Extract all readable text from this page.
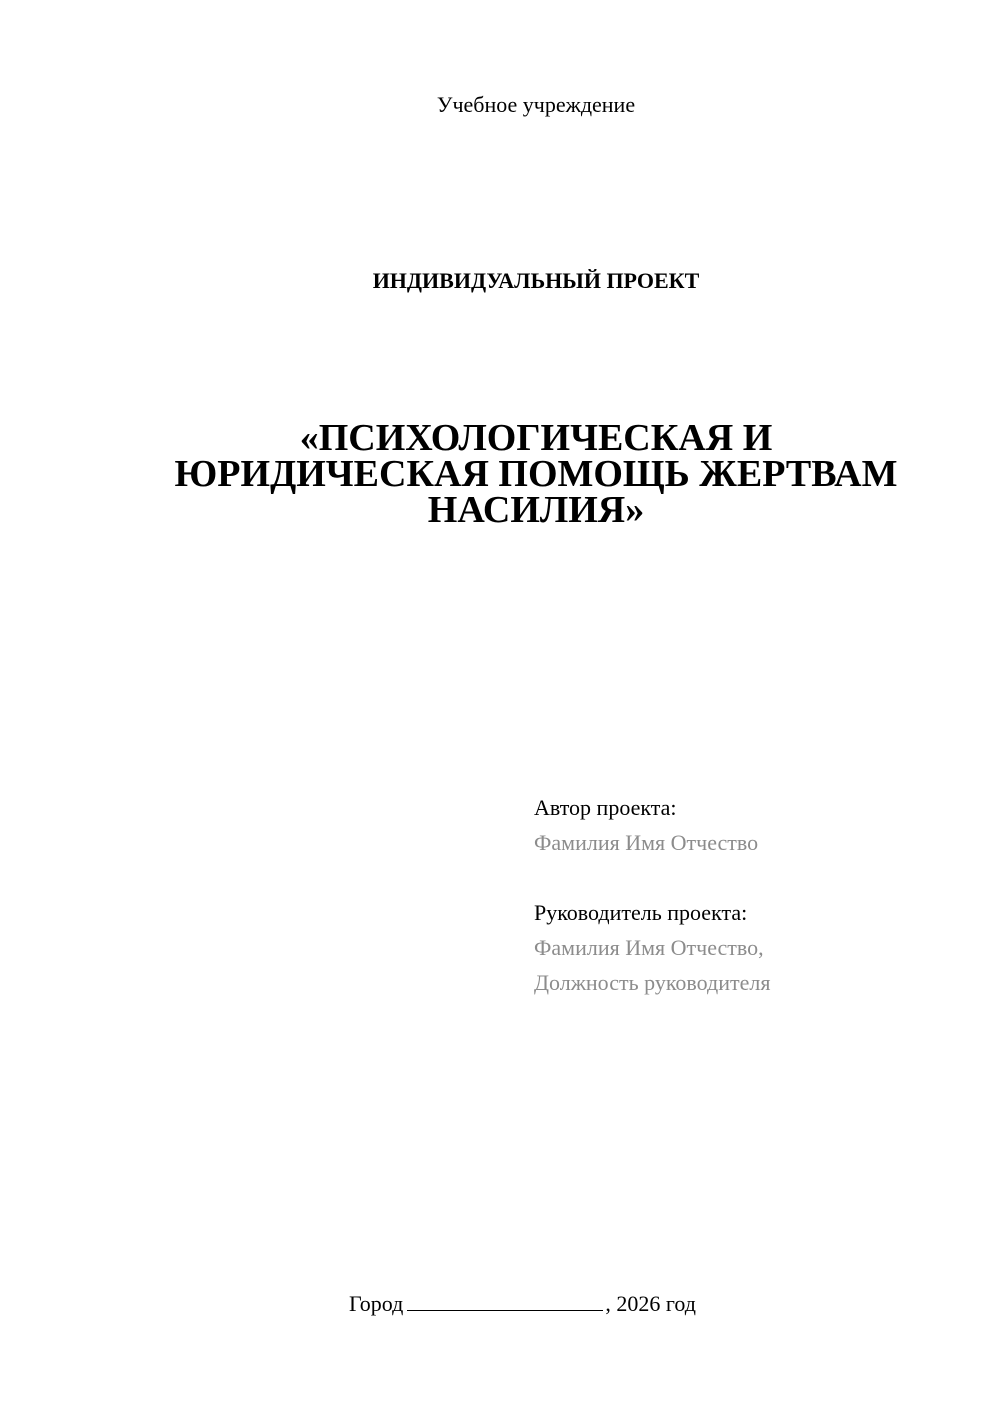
Учебное учреждение
ИНДИВИДУАЛЬНЫЙ ПРОЕКТ
«ПСИХОЛОГИЧЕСКАЯ И
ЮРИДИЧЕСКАЯ ПОМОЩЬ ЖЕРТВАМ
НАСИЛИЯ»
Автор проекта:
Фамилия Имя Отчество
Руководитель проекта:
Фамилия Имя Отчество,
Должность руководителя
Город	, 2026 год
